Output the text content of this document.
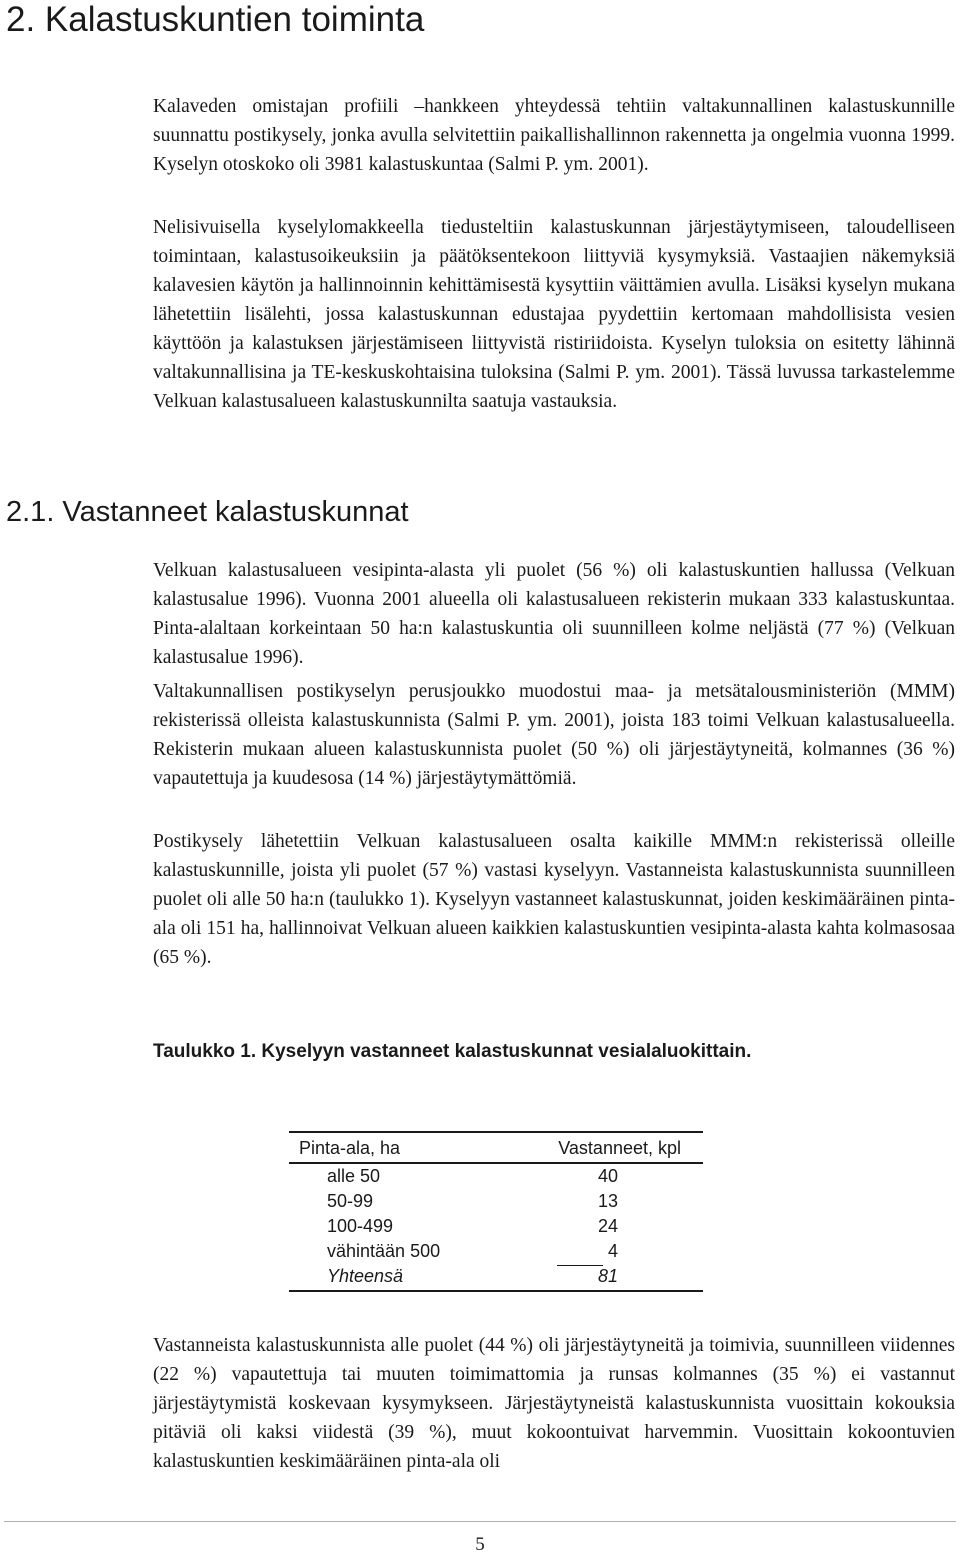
2. Kalastuskuntien toiminta

Kalaveden omistajan profiili –hankkeen yhteydessä tehtiin valtakunnallinen kalastuskunnille suunnattu postikysely, jonka avulla selvitettiin paikallishallinnon rakennetta ja ongelmia vuonna 1999. Kyselyn otoskoko oli 3981 kalastuskuntaa (Salmi P. ym. 2001).

Nelisivuisella kyselylomakkeella tiedusteltiin kalastuskunnan järjestäytymiseen, taloudelliseen toimintaan, kalastusoikeuksiin ja päätöksentekoon liittyviä kysymyksiä. Vastaajien näkemyksiä kalavesien käytön ja hallinnoinnin kehittämisestä kysyttiin väittämien avulla. Lisäksi kyselyn mukana lähetettiin lisälehti, jossa kalastuskunnan edustajaa pyydettiin kertomaan mahdollisista vesien käyttöön ja kalastuksen järjestämiseen liittyvistä ristiriidoista. Kyselyn tuloksia on esitetty lähinnä valtakunnallisina ja TE-keskuskohtaisina tuloksina (Salmi P. ym. 2001). Tässä luvussa tarkastelemme Velkuan kalastusalueen kalastuskunnilta saatuja vastauksia.

2.1. Vastanneet kalastuskunnat

Velkuan kalastusalueen vesipinta-alasta yli puolet (56 %) oli kalastuskuntien hallussa (Velkuan kalastusalue 1996). Vuonna 2001 alueella oli kalastusalueen rekisterin mukaan 333 kalastuskuntaa. Pinta-alaltaan korkeintaan 50 ha:n kalastuskuntia oli suunnilleen kolme neljästä (77 %) (Velkuan kalastusalue 1996).

Valtakunnallisen postikyselyn perusjoukko muodostui maa- ja metsätalousministeriön (MMM) rekisterissä olleista kalastuskunnista (Salmi P. ym. 2001), joista 183 toimi Velkuan kalastusalueella. Rekisterin mukaan alueen kalastuskunnista puolet (50 %) oli järjestäytyneitä, kolmannes (36 %) vapautettuja ja kuudesosa (14 %) järjestäytymättömiä.

Postikysely lähetettiin Velkuan kalastusalueen osalta kaikille MMM:n rekisterissä olleille kalastuskunnille, joista yli puolet (57 %) vastasi kyselyyn. Vastanneista kalastuskunnista suunnilleen puolet oli alle 50 ha:n (taulukko 1). Kyselyyn vastanneet kalastuskunnat, joiden keskimääräinen pinta-ala oli 151 ha, hallinnoivat Velkuan alueen kaikkien kalastuskuntien vesipinta-alasta kahta kolmasosaa (65 %).

Taulukko 1. Kyselyyn vastanneet kalastuskunnat vesialaluokittain.

Pinta-ala, ha	Vastanneet, kpl
alle 50	40
50-99	13
100-499	24
vähintään 500	4
Yhteensä	81

Vastanneista kalastuskunnista alle puolet (44 %) oli järjestäytyneitä ja toimivia, suunnilleen viidennes (22 %) vapautettuja tai muuten toimimattomia ja runsas kolmannes (35 %) ei vastannut järjestäytymistä koskevaan kysymykseen. Järjestäytyneistä kalastuskunnista vuosittain kokouksia pitäviä oli kaksi viidestä (39 %), muut kokoontuivat harvemmin. Vuosittain kokoontuvien kalastuskuntien keskimääräinen pinta-ala oli

5
